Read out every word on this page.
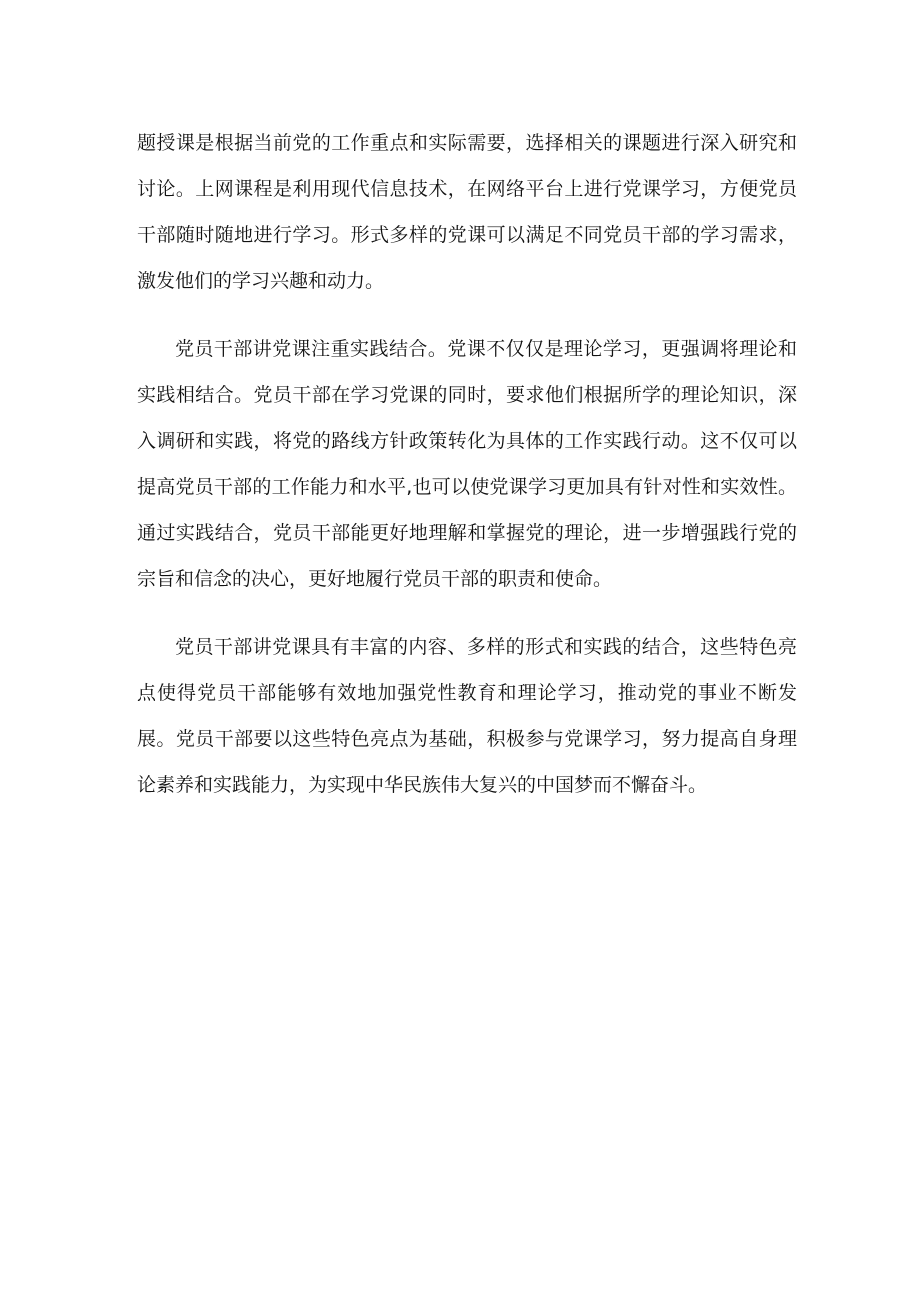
题授课是根据当前党的工作重点和实际需要，选择相关的课题进行深入研究和讨论。上网课程是利用现代信息技术，在网络平台上进行党课学习，方便党员干部随时随地进行学习。形式多样的党课可以满足不同党员干部的学习需求，激发他们的学习兴趣和动力。

党员干部讲党课注重实践结合。党课不仅仅是理论学习，更强调将理论和实践相结合。党员干部在学习党课的同时，要求他们根据所学的理论知识，深入调研和实践，将党的路线方针政策转化为具体的工作实践行动。这不仅可以提高党员干部的工作能力和水平,也可以使党课学习更加具有针对性和实效性。通过实践结合，党员干部能更好地理解和掌握党的理论，进一步增强践行党的宗旨和信念的决心，更好地履行党员干部的职责和使命。

党员干部讲党课具有丰富的内容、多样的形式和实践的结合，这些特色亮点使得党员干部能够有效地加强党性教育和理论学习，推动党的事业不断发展。党员干部要以这些特色亮点为基础，积极参与党课学习，努力提高自身理论素养和实践能力，为实现中华民族伟大复兴的中国梦而不懈奋斗。
